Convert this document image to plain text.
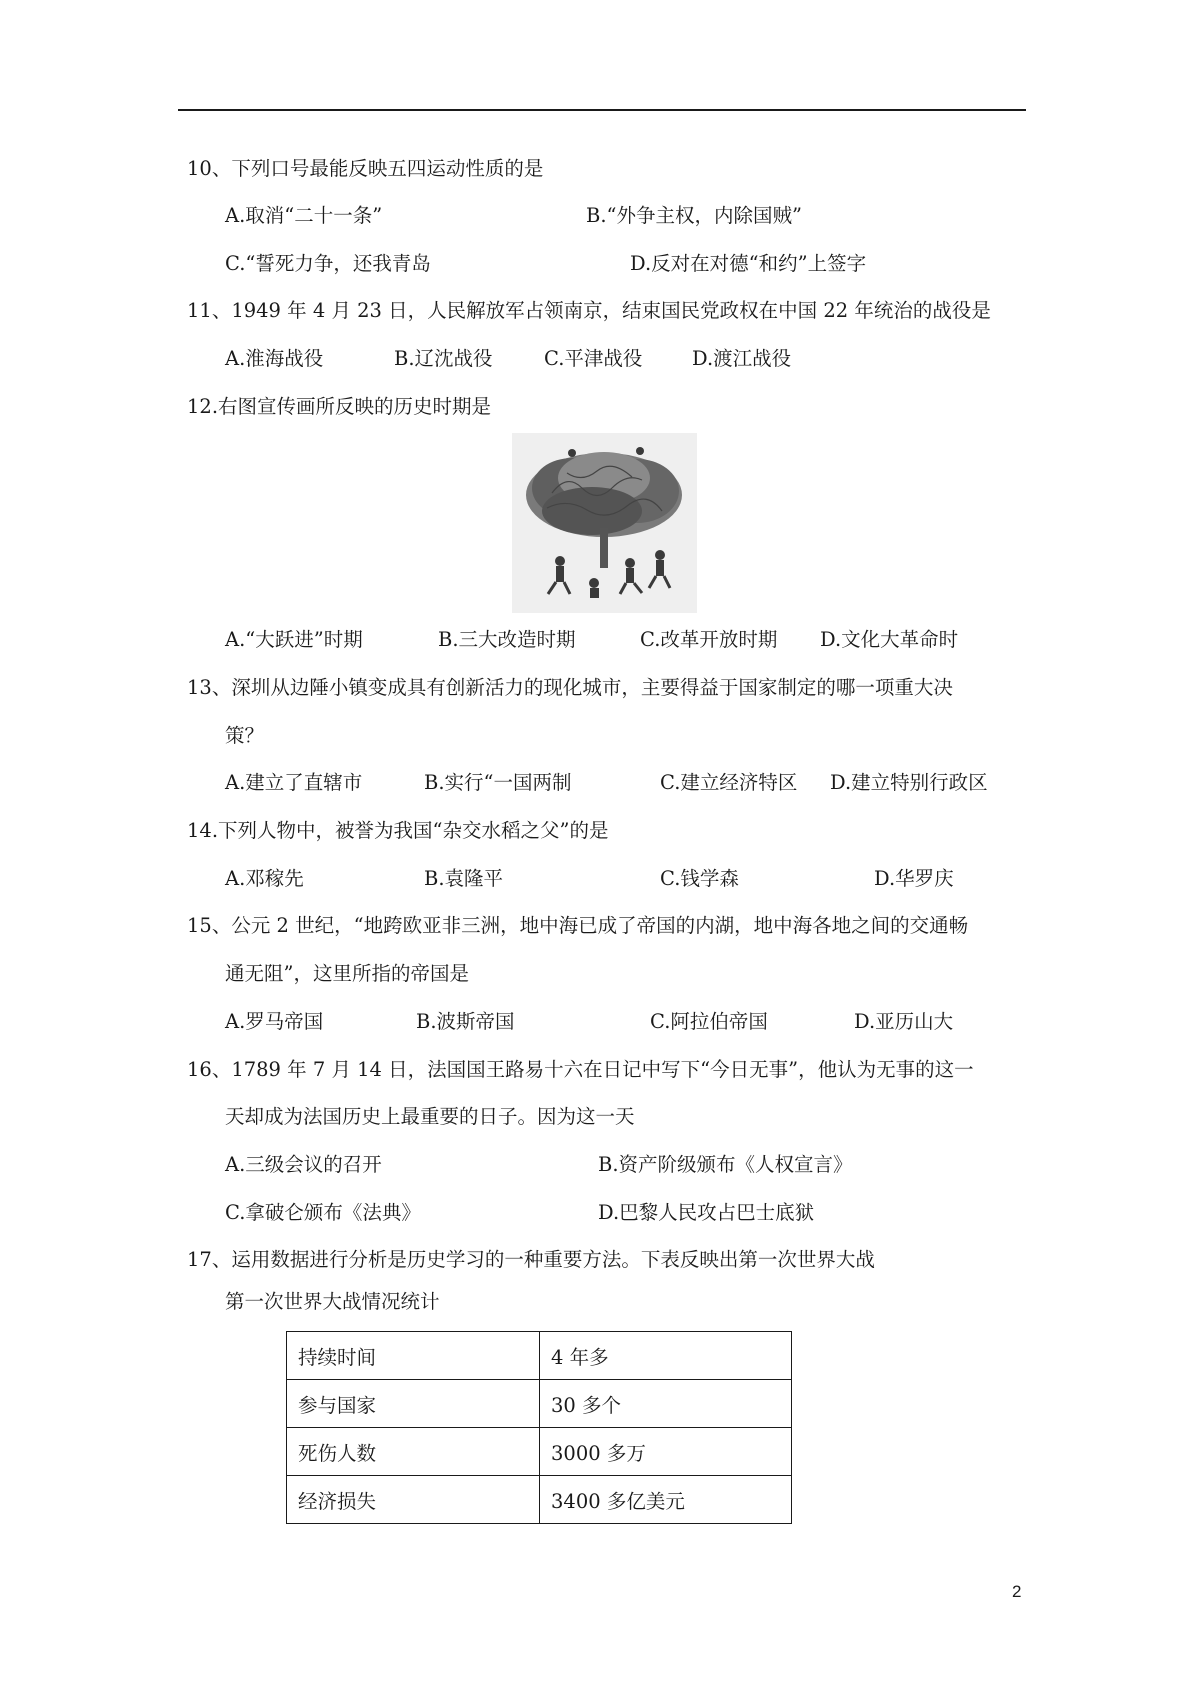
10、下列口号最能反映五四运动性质的是
A.取消“二十一条”	B.“外争主权，内除国贼”
C.“誓死力争，还我青岛	D.反对在对德“和约”上签字
11、1949 年 4 月 23 日，人民解放军占领南京，结束国民党政权在中国 22 年统治的战役是
A.淮海战役	B.辽沈战役	C.平津战役	D.渡江战役
12.右图宣传画所反映的历史时期是
A.“大跃进”时期	B.三大改造时期	C.改革开放时期 D.文化大革命时
13、深圳从边陲小镇变成具有创新活力的现化城市，主要得益于国家制定的哪一项重大决
策？
A.建立了直辖市	B.实行“一国两制	C.建立经济特区 D.建立特别行政区
14.下列人物中，被誉为我国“杂交水稻之父”的是
A.邓稼先	B.袁隆平	C.钱学森	D.华罗庆
15、公元 2 世纪，“地跨欧亚非三洲，地中海已成了帝国的内湖，地中海各地之间的交通畅
通无阻”，这里所指的帝国是
A.罗马帝国	B.波斯帝国	C.阿拉伯帝国	D.亚历山大
16、1789 年 7 月 14 日，法国国王路易十六在日记中写下“今日无事”，他认为无事的这一
天却成为法国历史上最重要的日子。因为这一天
A.三级会议的召开	B.资产阶级颁布《人权宣言》
C.拿破仑颁布《法典》	D.巴黎人民攻占巴士底狱
17、运用数据进行分析是历史学习的一种重要方法。下表反映出第一次世界大战
第一次世界大战情况统计
持续时间	4 年多
参与国家	30 多个
死伤人数	3000 多万
经济损失	3400 多亿美元
2
